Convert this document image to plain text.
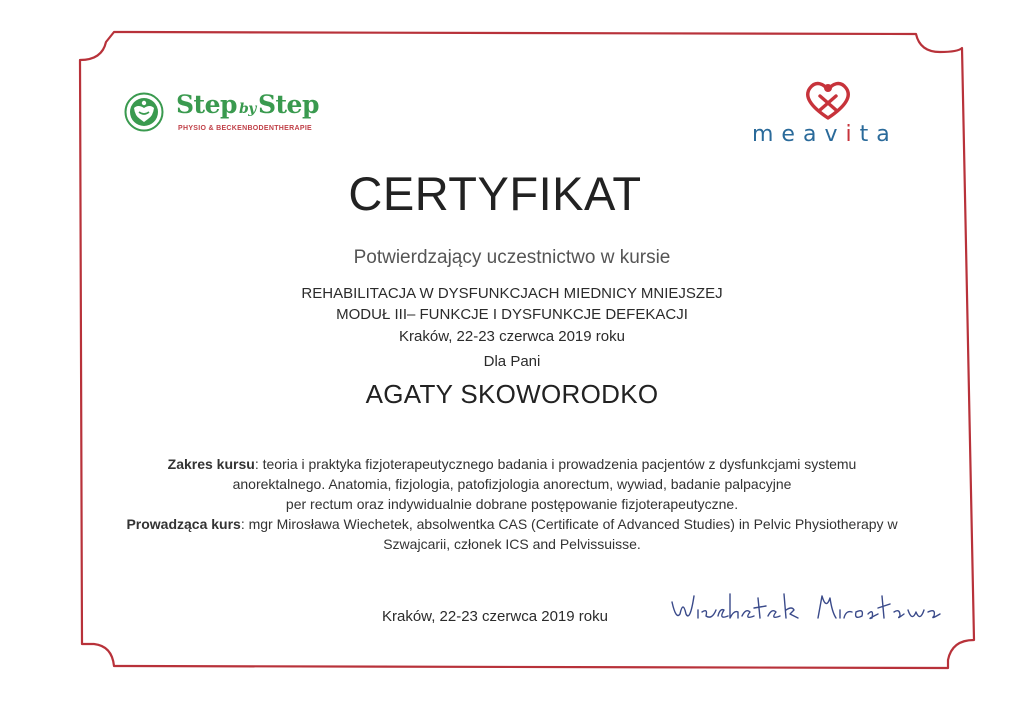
Step byStep
PHYSIO & BECKENBODENTHERAPIE	meavita
CERTYFIKAT
Potwierdzający uczestnictwo w kursie
REHABILITACJA W DYSFUNKCJACH MIEDNICY MNIEJSZEJ
MODUŁ III– FUNKCJE I DYSFUNKCJE DEFEKACJI
Kraków, 22-23 czerwca 2019 roku
Dla Pani
AGATY SKOWORODKO
Zakres kursu: teoria i praktyka fizjoterapeutycznego badania i prowadzenia pacjentów z dysfunkcjami systemu
anorektalnego. Anatomia, fizjologia, patofizjologia anorectum, wywiad, badanie palpacyjne
per rectum oraz indywidualnie dobrane postępowanie fizjoterapeutyczne.
Prowadząca kurs: mgr Mirosława Wiechetek, absolwentka CAS (Certificate of Advanced Studies) in Pelvic Physiotherapy w
Szwajcarii, członek ICS and Pelvissuisse.
Kraków, 22-23 czerwca 2019 roku
